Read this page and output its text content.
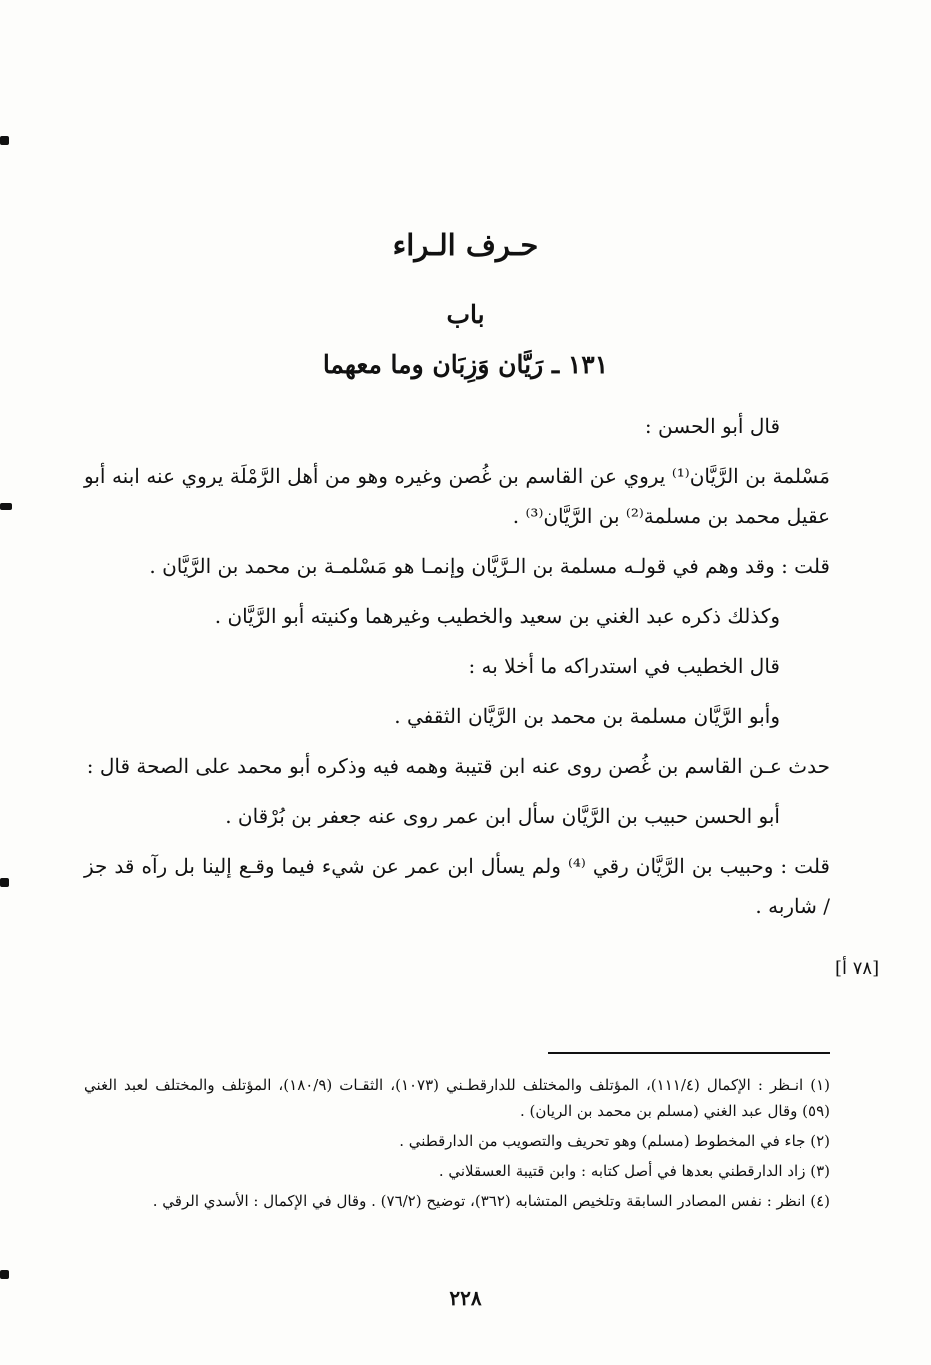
حـرف الـراء
باب
١٣١ ـ رَيَّان وَزِبَان وما معهما

قال أبو الحسن :

مَسْلمة بن الرَّيَّان⁽¹⁾ يروي عن القاسم بن غُصن وغيره وهو من أهل الرَّمْلَة يروي عنه ابنه أبو عقيل محمد بن مسلمة⁽²⁾ بن الرَّيَّان⁽³⁾ .

قلت : وقد وهم في قولـه مسلمة بن الـرَّيَّان وإنمـا هو مَسْلمـة بن محمد بن الرَّيَّان .

وكذلك ذكره عبد الغني بن سعيد والخطيب وغيرهما وكنيته أبو الرَّيَّان .

قال الخطيب في استدراكه ما أخلا به :

وأبو الرَّيَّان مسلمة بن محمد بن الرَّيَّان الثقفي .

حدث عـن القاسم بن غُصن روى عنه ابن قتيبة وهمه فيه وذكره أبو محمد على الصحة قال :

أبو الحسن حبيب بن الرَّيَّان سأل ابن عمر روى عنه جعفر بن بُرْقان .

قلت : وحبيب بن الرَّيَّان رقي ⁽⁴⁾ ولم يسأل ابن عمر عن شيء فيما وقـع إلينا بل رآه قد جز / شاربه .

[٧٨ أ]

(١) انـظر : الإكمال (١١١/٤)، المؤتلف والمختلف للدارقطـني (١٠٧٣)، الثقـات (١٨٠/٩)، المؤتلف والمختلف لعبد الغني (٥٩) وقال عبد الغني (مسلم بن محمد بن الريان) .

(٢) جاء في المخطوط (مسلم) وهو تحريف والتصويب من الدارقطني .

(٣) زاد الدارقطني بعدها في أصل كتابه : وابن قتيبة العسقلاني .

(٤) انظر : نفس المصادر السابقة وتلخيص المتشابه (٣٦٢)، توضيح (٧٦/٢) . وقال في الإكمال : الأسدي الرقي .

٢٢٨
